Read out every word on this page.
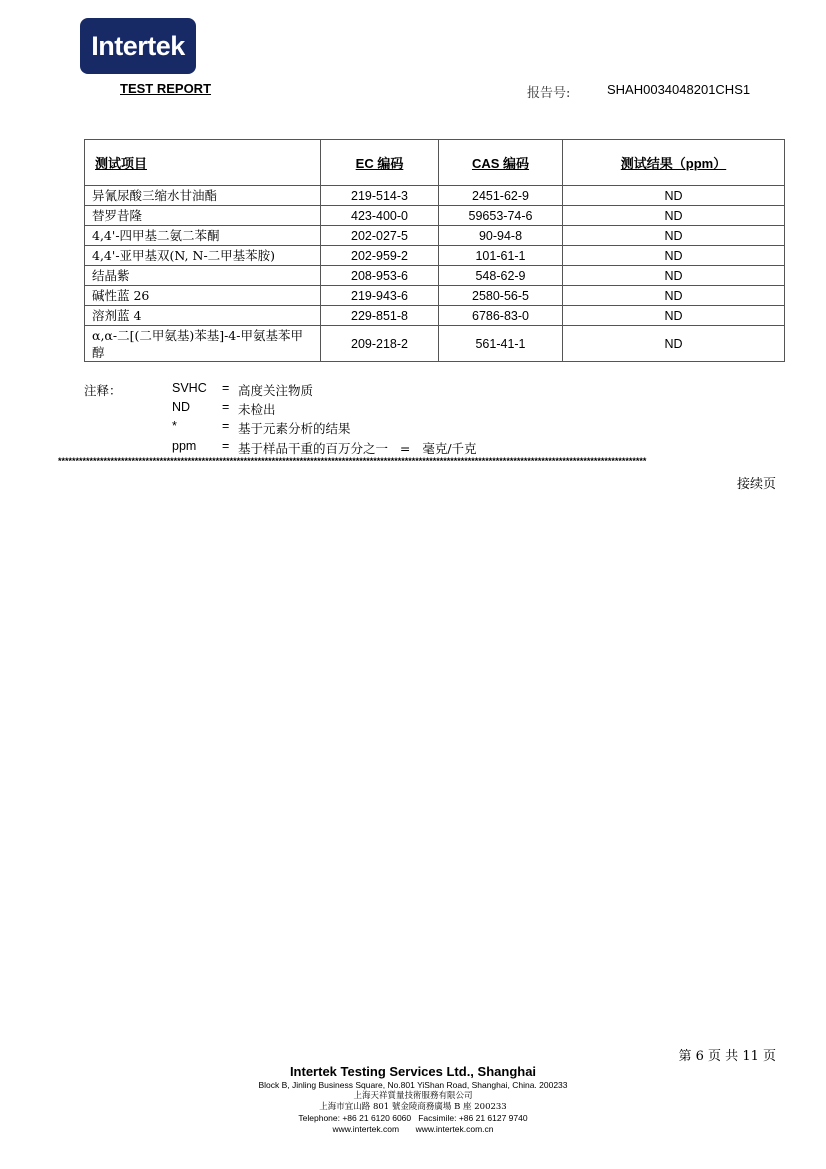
Intertek
TEST REPORT	报告号:	SHAH0034048201CHS1
测试项目	EC 编码	CAS 编码	测试结果（ppm）
异氰尿酸三缩水甘油酯	219-514-3	2451-62-9	ND
替罗昔隆	423-400-0	59653-74-6	ND
4,4'-四甲基二氨二苯酮	202-027-5	90-94-8	ND
4,4'-亚甲基双(N, N-二甲基苯胺)	202-959-2	101-61-1	ND
结晶紫	208-953-6	548-62-9	ND
碱性蓝 26	219-943-6	2580-56-5	ND
溶剂蓝 4	229-851-8	6786-83-0	ND
α,α-二[(二甲氨基)苯基]-4-甲氨基苯甲醇	209-218-2	561-41-1	ND
注释：	SVHC	= 高度关注物质
ND	= 未检出
*	= 基于元素分析的结果
ppm	= 基于样品干重的百万分之一   =   毫克/千克
************************************************************************************************************************************************************************
接续页
第 6 页 共 11 页
Intertek Testing Services Ltd., Shanghai
Block B, Jinling Business Square, No.801 YiShan Road, Shanghai, China. 200233
上海天祥質量技術服務有限公司
上海市宜山路 801 號金陵商務廣場 B 座 200233
Telephone: +86 21 6120 6060   Facsimile: +86 21 6127 9740
www.intertek.com       www.intertek.com.cn
